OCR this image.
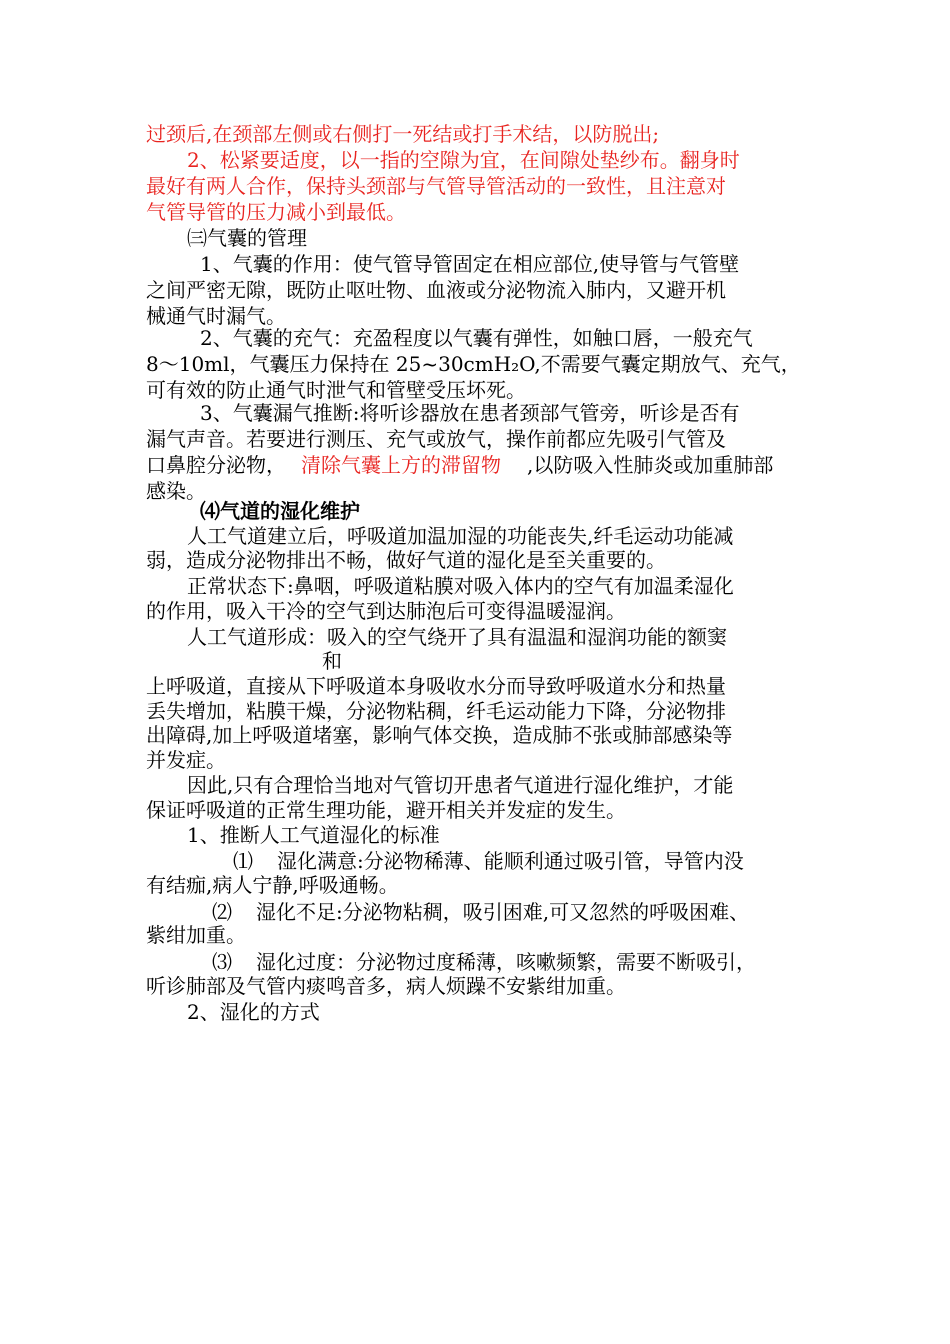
过颈后,在颈部左侧或右侧打一死结或打手术结，以防脱出;
2、松紧要适度，以一指的空隙为宜，在间隙处垫纱布。翻身时
最好有两人合作，保持头颈部与气管导管活动的一致性，且注意对
气管导管的压力减小到最低。
㈢气囊的管理
1、气囊的作用：使气管导管固定在相应部位,使导管与气管壁
之间严密无隙，既防止呕吐物、血液或分泌物流入肺内，又避开机
械通气时漏气。
2、气囊的充气：充盈程度以气囊有弹性，如触口唇，一般充气
8～10ml，气囊压力保持在 25~30cmH₂O,不需要气囊定期放气、充气，
可有效的防止通气时泄气和管壁受压坏死。
3、气囊漏气推断:将听诊器放在患者颈部气管旁，听诊是否有
漏气声音。若要进行测压、充气或放气，操作前都应先吸引气管及
口鼻腔分泌物， 清除气囊上方的滞留物 ,以防吸入性肺炎或加重肺部
感染。
⑷气道的湿化维护
人工气道建立后，呼吸道加温加湿的功能丧失,纤毛运动功能减
弱，造成分泌物排出不畅，做好气道的湿化是至关重要的。
正常状态下:鼻咽，呼吸道粘膜对吸入体内的空气有加温柔湿化
的作用，吸入干冷的空气到达肺泡后可变得温暖湿润。
人工气道形成：吸入的空气绕开了具有温温和湿润功能的额窦
和
上呼吸道，直接从下呼吸道本身吸收水分而导致呼吸道水分和热量
丢失增加，粘膜干燥，分泌物粘稠，纤毛运动能力下降，分泌物排
出障碍,加上呼吸道堵塞，影响气体交换，造成肺不张或肺部感染等
并发症。
因此,只有合理恰当地对气管切开患者气道进行湿化维护，才能
保证呼吸道的正常生理功能，避开相关并发症的发生。
1、推断人工气道湿化的标准
⑴ 湿化满意:分泌物稀薄、能顺利通过吸引管，导管内没
有结痂,病人宁静,呼吸通畅。
⑵ 湿化不足:分泌物粘稠，吸引困难,可又忽然的呼吸困难、
紫绀加重。
⑶ 湿化过度：分泌物过度稀薄，咳嗽频繁，需要不断吸引，
听诊肺部及气管内痰鸣音多，病人烦躁不安紫绀加重。
2、湿化的方式
